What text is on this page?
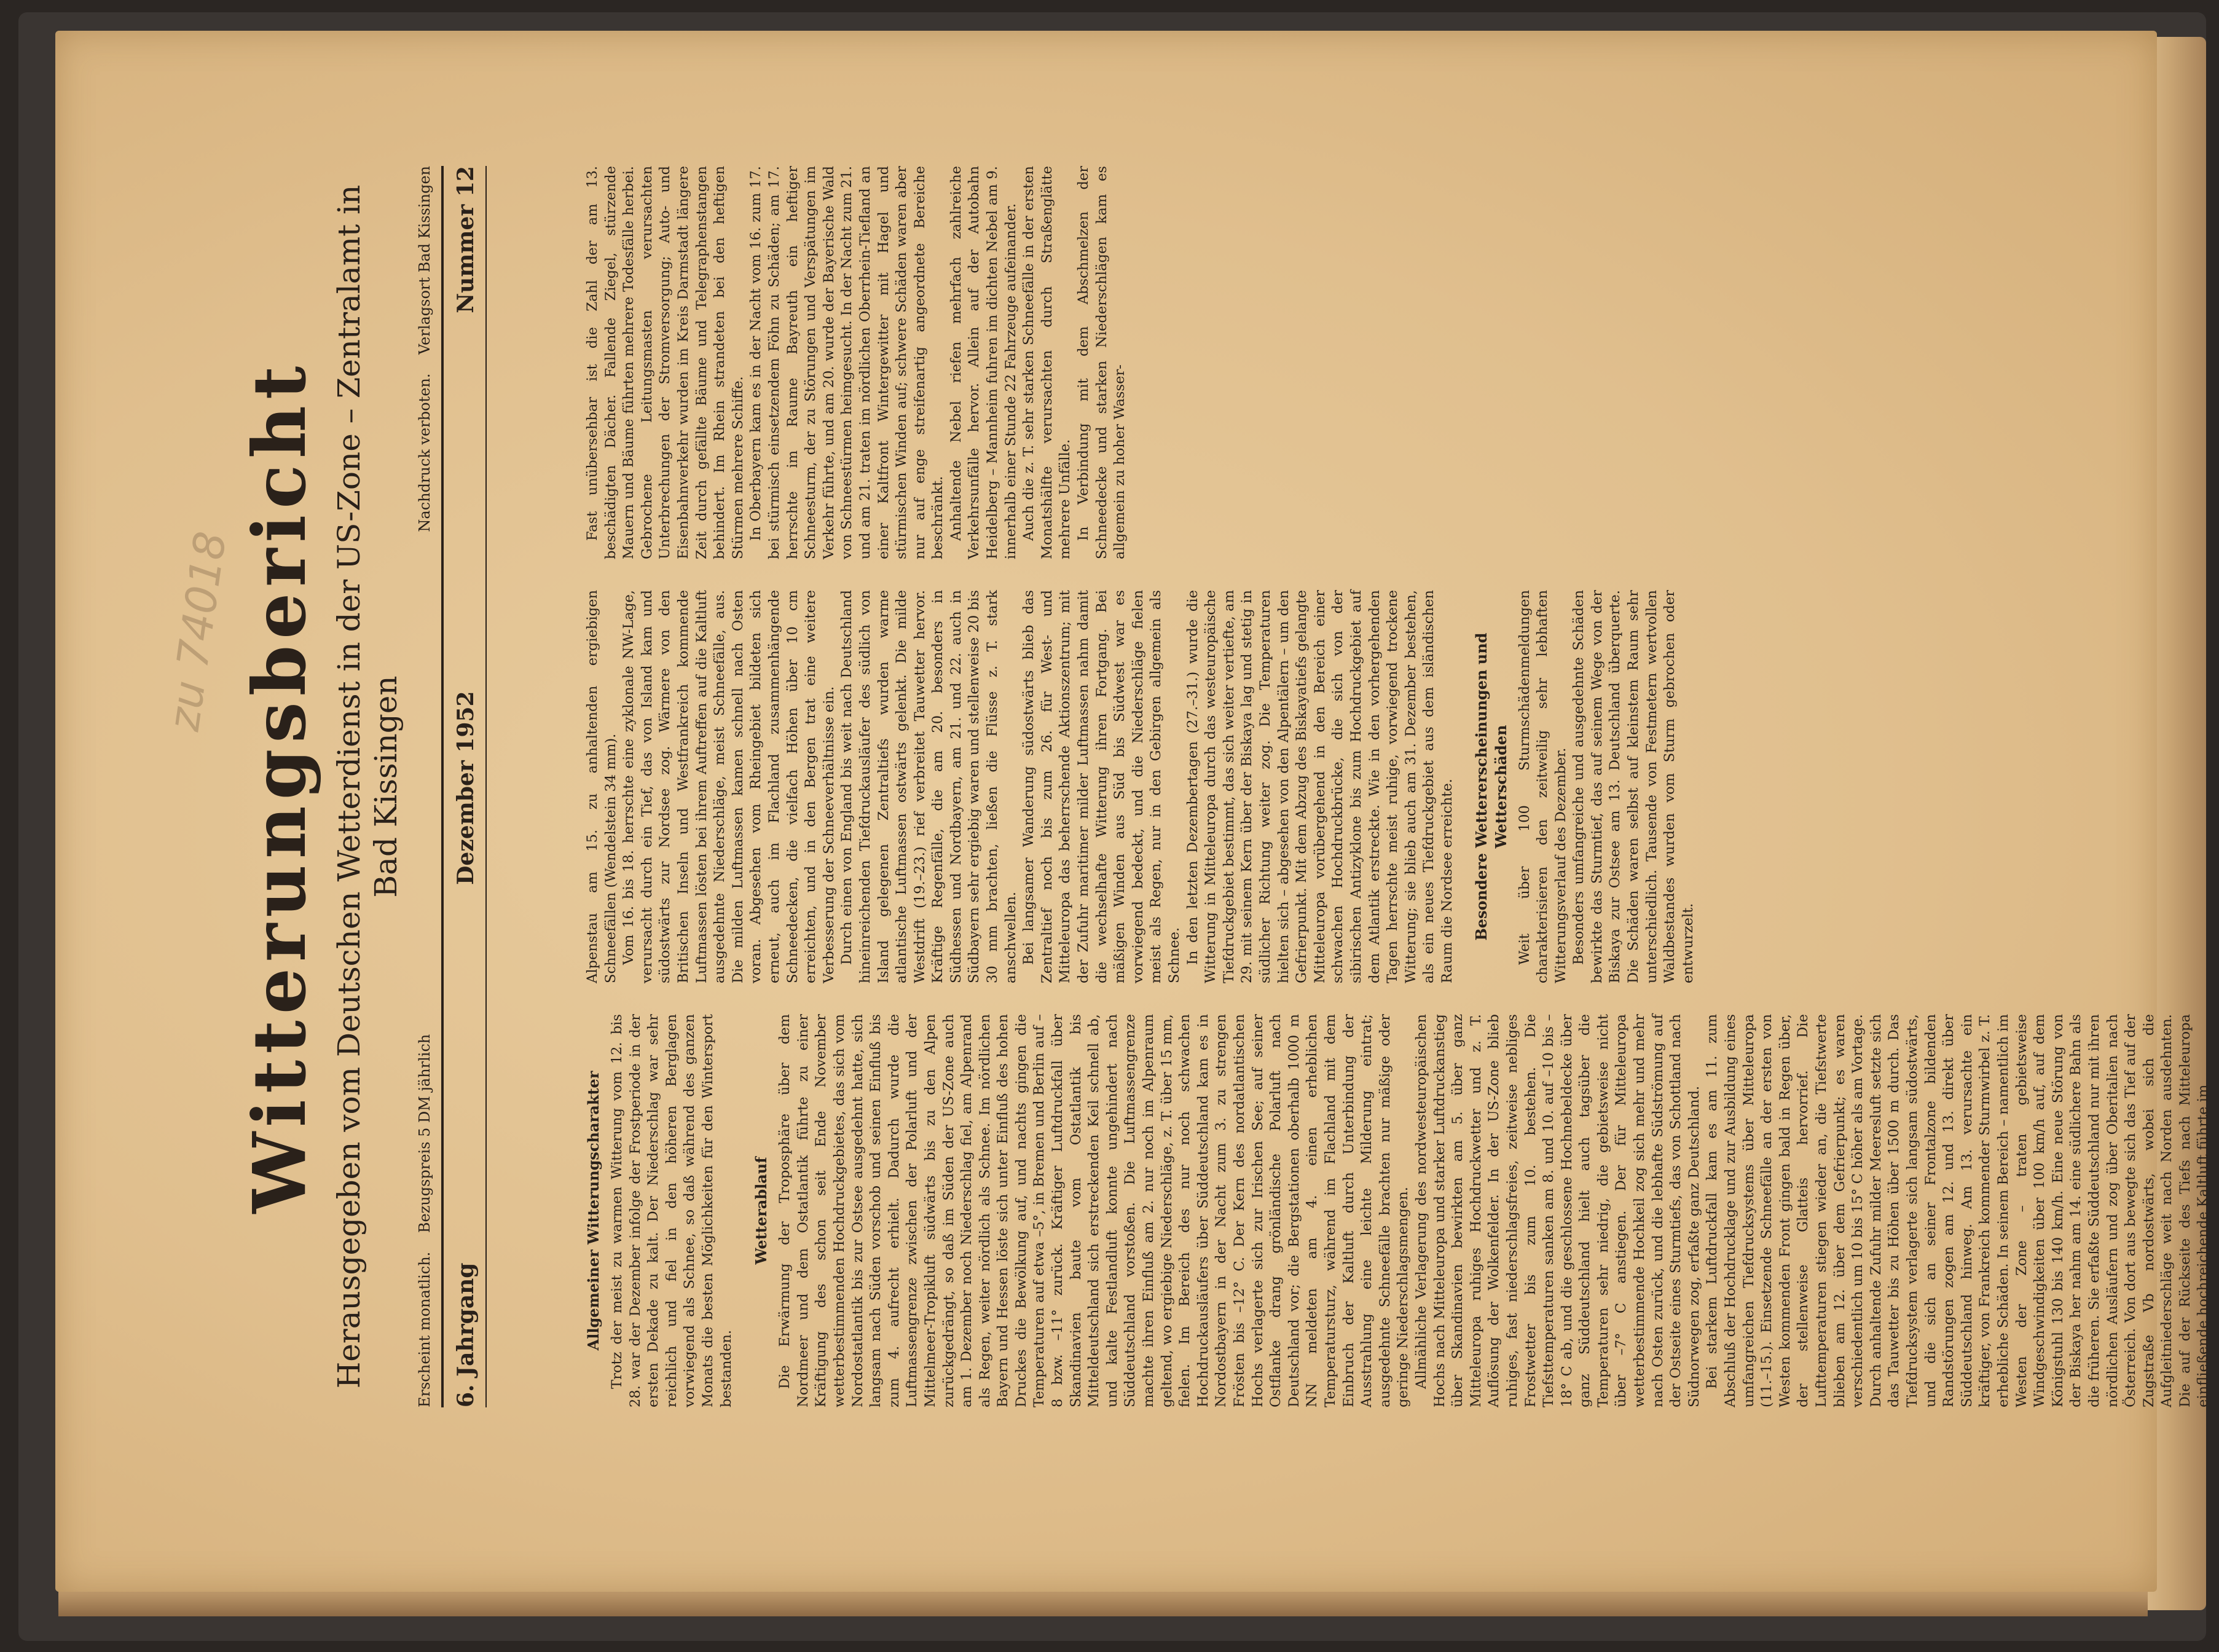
zu 74018 Witterungsbericht Herausgegeben vom Deutschen Wetterdienst in der US-Zone – Zentralamt in Bad Kissingen
Erscheint monatlich.    Bezugspreis 5 DM jährlich
Nachdruck verboten.    Verlagsort Bad Kissingen
6. Jahrgang
Dezember 1952
Nummer 12
Allgemeiner Witterungscharakter Trotz der meist zu warmen Witterung vom 12. bis 28. war der Dezember infolge der Frostperiode in der ersten Dekade zu kalt. Der Niederschlag war sehr reichlich und fiel in den höheren Berglagen vorwiegend als Schnee, so daß während des ganzen Monats die besten Möglichkeiten für den Wintersport bestanden.

Wetterablauf Die Erwärmung der Troposphäre über dem Nordmeer und dem Ostatlantik führte zu einer Kräftigung des schon seit Ende November wetterbestimmenden Hochdruckgebietes, das sich vom Nordostatlantik bis zur Ostsee ausgedehnt hatte, sich langsam nach Süden vorschob und seinen Einfluß bis zum 4. aufrecht erhielt. Dadurch wurde die Luftmassengrenze zwischen der Polarluft und der Mittelmeer-Tropikluft südwärts bis zu den Alpen zurückgedrängt, so daß im Süden der US-Zone auch am 1. Dezember noch Niederschlag fiel, am Alpenrand als Regen, weiter nördlich als Schnee. Im nördlichen Bayern und Hessen löste sich unter Einfluß des hohen Druckes die Bewölkung auf, und nachts gingen die Temperaturen auf etwa –5°, in Bremen und Berlin auf –8 bzw. –11° zurück. Kräftiger Luftdruckfall über Skandinavien baute vom Ostatlantik bis Mitteldeutschland sich erstreckenden Keil schnell ab, und kalte Festlandluft konnte ungehindert nach Süddeutschland vorstoßen. Die Luftmassengrenze machte ihren Einfluß am 2. nur noch im Alpenraum geltend, wo ergiebige Niederschläge, z. T. über 15 mm, fielen. Im Bereich des nur noch schwachen Hochdruckausläufers über Süddeutschland kam es in Nordostbayern in der Nacht zum 3. zu strengen Frösten bis –12° C. Der Kern des nordatlantischen Hochs verlagerte sich zur Irischen See; auf seiner Ostflanke drang grönländische Polarluft nach Deutschland vor; die Bergstationen oberhalb 1000 m NN meldeten am 4. einen erheblichen Temperatursturz, während im Flachland mit dem Einbruch der Kaltluft durch Unterbindung der Ausstrahlung eine leichte Milderung eintrat; ausgedehnte Schneefälle brachten nur mäßige oder geringe Niederschlagsmengen. Allmähliche Verlagerung des nordwesteuropäischen Hochs nach Mitteleuropa und starker Luftdruckanstieg über Skandinavien bewirkten am 5. über ganz Mitteleuropa ruhiges Hochdruckwetter und z. T. Auflösung der Wolkenfelder. In der US-Zone blieb ruhiges, fast niederschlagsfreies, zeitweise nebliges Frostwetter bis zum 10. bestehen. Die Tiefsttemperaturen sanken am 8. und 10. auf –10 bis –18° C ab, und die geschlossene Hochnebeldecke über ganz Süddeutschland hielt auch tagsüber die Temperaturen sehr niedrig, die gebietsweise nicht über –7° C anstiegen. Der für Mitteleuropa wetterbestimmende Hochkeil zog sich mehr und mehr nach Osten zurück, und die lebhafte Südströmung auf der Ostseite eines Sturmtiefs, das von Schottland nach Südnorwegen zog, erfaßte ganz Deutschland. Bei starkem Luftdruckfall kam es am 11. zum Abschluß der Hochdrucklage und zur Ausbildung eines umfangreichen Tiefdrucksystems über Mitteleuropa (11.–15.). Einsetzende Schneefälle an der ersten von Westen kommenden Front gingen bald in Regen über, der stellenweise Glatteis hervorrief. Die Lufttemperaturen stiegen wieder an, die Tiefstwerte blieben am 12. über dem Gefrierpunkt; es waren verschiedentlich um 10 bis 15° C höher als am Vortage. Durch anhaltende Zufuhr milder Meeresluft setzte sich das Tauwetter bis zu Höhen über 1500 m durch. Das Tiefdrucksystem verlagerte sich langsam südostwärts, und die sich an seiner Frontalzone bildenden Randstörungen zogen am 12. und 13. direkt über Süddeutschland hinweg. Am 13. verursachte ein kräftiger, von Frankreich kommender Sturmwirbel z. T. erhebliche Schäden. In seinem Bereich – namentlich im Westen der Zone – traten gebietsweise Windgeschwindigkeiten über 100 km/h auf, auf dem Königstuhl 130 bis 140 km/h. Eine neue Störung von der Biskaya her nahm am 14. eine südlichere Bahn als die früheren. Sie erfaßte Süddeutschland nur mit ihren nördlichen Ausläufern und zog über Oberitalien nach Österreich. Von dort aus bewegte sich das Tief auf der Zugstraße Vb nordostwärts, wobei sich die Aufgleitniederschläge weit nach Norden ausdehnten. Die auf der Rückseite des Tiefs nach Mitteleuropa einfließende hochreichende Kaltluft führte im

Alpenstau am 15. zu anhaltenden ergiebigen Schneefällen (Wendelstein 34 mm). Vom 16. bis 18. herrschte eine zyklonale NW-Lage, verursacht durch ein Tief, das von Island kam und südostwärts zur Nordsee zog. Wärmere von den Britischen Inseln und Westfrankreich kommende Luftmassen lösten bei ihrem Auftreffen auf die Kaltluft ausgedehnte Niederschläge, meist Schneefälle, aus. Die milden Luftmassen kamen schnell nach Osten voran. Abgesehen vom Rheingebiet bildeten sich erneut, auch im Flachland zusammenhängende Schneedecken, die vielfach Höhen über 10 cm erreichten, und in den Bergen trat eine weitere Verbesserung der Schneeverhältnisse ein. Durch einen von England bis weit nach Deutschland hineinreichenden Tiefdruckausläufer des südlich von Island gelegenen Zentraltiefs wurden warme atlantische Luftmassen ostwärts gelenkt. Die milde Westdrift (19.–23.) rief verbreitet Tauwetter hervor. Kräftige Regenfälle, die am 20. besonders in Südhessen und Nordbayern, am 21. und 22. auch in Südbayern sehr ergiebig waren und stellenweise 20 bis 30 mm brachten, ließen die Flüsse z. T. stark anschwellen. Bei langsamer Wanderung südostwärts blieb das Zentraltief noch bis zum 26. für West- und Mitteleuropa das beherrschende Aktionszentrum; mit der Zufuhr maritimer milder Luftmassen nahm damit die wechselhafte Witterung ihren Fortgang. Bei mäßigen Winden aus Süd bis Südwest war es vorwiegend bedeckt, und die Niederschläge fielen meist als Regen, nur in den Gebirgen allgemein als Schnee. In den letzten Dezembertagen (27.–31.) wurde die Witterung in Mitteleuropa durch das westeuropäische Tiefdruckgebiet bestimmt, das sich weiter vertiefte, am 29. mit seinem Kern über der Biskaya lag und stetig in südlicher Richtung weiter zog. Die Temperaturen hielten sich – abgesehen von den Alpentälern – um den Gefrierpunkt. Mit dem Abzug des Biskayatiefs gelangte Mitteleuropa vorübergehend in den Bereich einer schwachen Hochdruckbrücke, die sich von der sibirischen Antizyklone bis zum Hochdruckgebiet auf dem Atlantik erstreckte. Wie in den vorhergehenden Tagen herrschte meist ruhige, vorwiegend trockene Witterung; sie blieb auch am 31. Dezember bestehen, als ein neues Tiefdruckgebiet aus dem isländischen Raum die Nordsee erreichte. Besondere Wettererscheinungen und Wetterschäden Weit über 100 Sturmschädenmeldungen charakterisieren den zeitweilig sehr lebhaften Witterungsverlauf des Dezember. Besonders umfangreiche und ausgedehnte Schäden bewirkte das Sturmtief, das auf seinem Wege von der Biskaya zur Ostsee am 13. Deutschland überquerte. Die Schäden waren selbst auf kleinstem Raum sehr unterschiedlich. Tausende von Festmetern wertvollen Waldbestandes wurden vom Sturm gebrochen oder entwurzelt.

Fast unübersehbar ist die Zahl der am 13. beschädigten Dächer. Fallende Ziegel, stürzende Mauern und Bäume führten mehrere Todesfälle herbei. Gebrochene Leitungsmasten verursachten Unterbrechungen der Stromversorgung; Auto- und Eisenbahnverkehr wurden im Kreis Darmstadt längere Zeit durch gefällte Bäume und Telegraphenstangen behindert. Im Rhein strandeten bei den heftigen Stürmen mehrere Schiffe. In Oberbayern kam es in der Nacht vom 16. zum 17. bei stürmisch einsetzendem Föhn zu Schäden; am 17. herrschte im Raume Bayreuth ein heftiger Schneesturm, der zu Störungen und Verspätungen im Verkehr führte, und am 20. wurde der Bayerische Wald von Schneestürmen heimgesucht. In der Nacht zum 21. und am 21. traten im nördlichen Oberrhein-Tiefland an einer Kaltfront Wintergewitter mit Hagel und stürmischen Winden auf; schwere Schäden waren aber nur auf enge streifenartig angeordnete Bereiche beschränkt. Anhaltende Nebel riefen mehrfach zahlreiche Verkehrsunfälle hervor. Allein auf der Autobahn Heidelberg – Mannheim fuhren im dichten Nebel am 9. innerhalb einer Stunde 22 Fahrzeuge aufeinander. Auch die z. T. sehr starken Schneefälle in der ersten Monatshälfte verursachten durch Straßenglätte mehrere Unfälle. In Verbindung mit dem Abschmelzen der Schneedecke und starken Niederschlägen kam es allgemein zu hoher Wasser-
